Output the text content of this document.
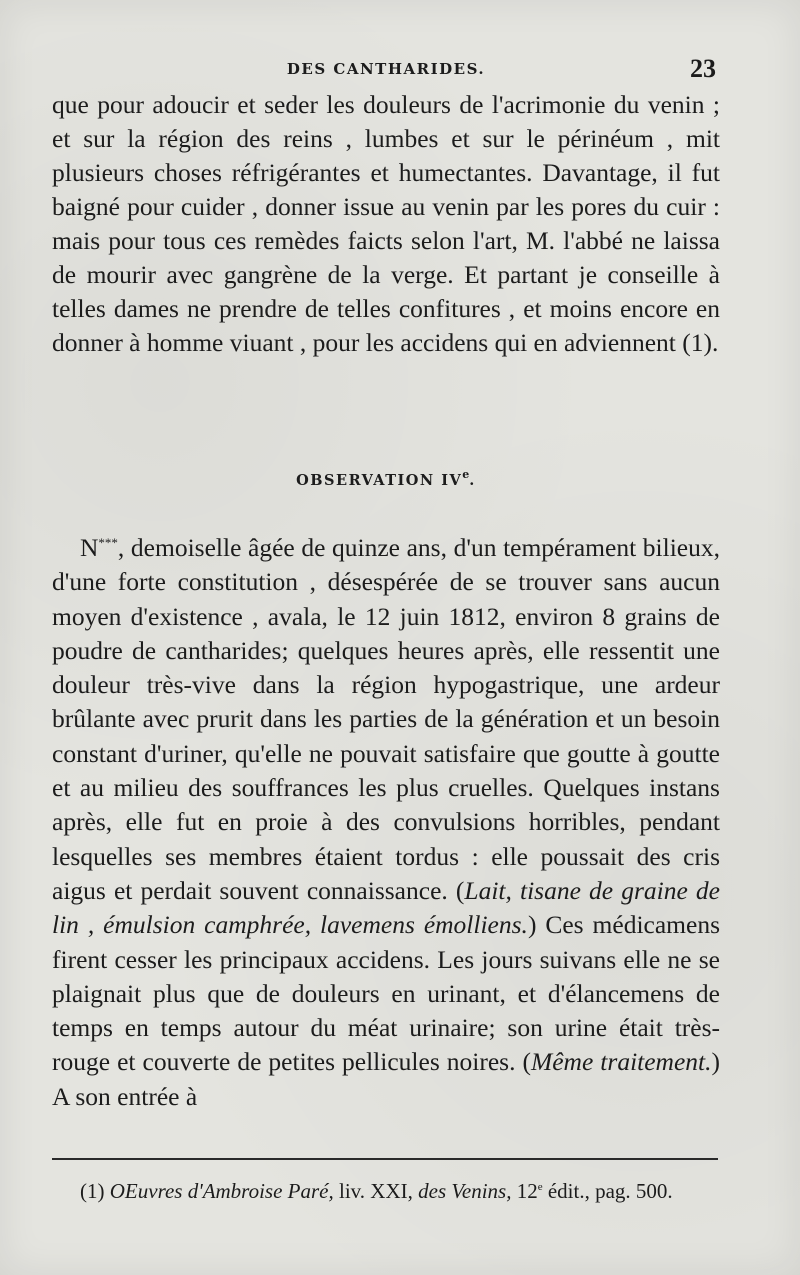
DES CANTHARIDES.	23

que pour adoucir et seder les douleurs de l'acrimonie du venin ; et sur la région des reins , lumbes et sur le périnéum , mit plusieurs choses réfrigérantes et humectantes. Davantage, il fut baigné pour cuider , donner issue au venin par les pores du cuir : mais pour tous ces remèdes faicts selon l'art, M. l'abbé ne laissa de mourir avec gangrène de la verge. Et partant je conseille à telles dames ne prendre de telles confitures , et moins encore en donner à homme viuant , pour les accidens qui en adviennent (1).

OBSERVATION IVe.

N***, demoiselle âgée de quinze ans, d'un tempérament bilieux, d'une forte constitution , désespérée de se trouver sans aucun moyen d'existence , avala, le 12 juin 1812, environ 8 grains de poudre de cantharides; quelques heures après, elle ressentit une douleur très-vive dans la région hypogastrique, une ardeur brûlante avec prurit dans les parties de la génération et un besoin constant d'uriner, qu'elle ne pouvait satisfaire que goutte à goutte et au milieu des souffrances les plus cruelles. Quelques instans après, elle fut en proie à des convulsions horribles, pendant lesquelles ses membres étaient tordus : elle poussait des cris aigus et perdait souvent connaissance. (Lait, tisane de graine de lin , émulsion camphrée, lavemens émolliens.) Ces médicamens firent cesser les principaux accidens. Les jours suivans elle ne se plaignait plus que de douleurs en urinant, et d'élancemens de temps en temps autour du méat urinaire; son urine était très-rouge et couverte de petites pellicules noires. (Même traitement.) A son entrée à

(1) OEuvres d'Ambroise Paré, liv. XXI, des Venins, 12e édit., pag. 500.
